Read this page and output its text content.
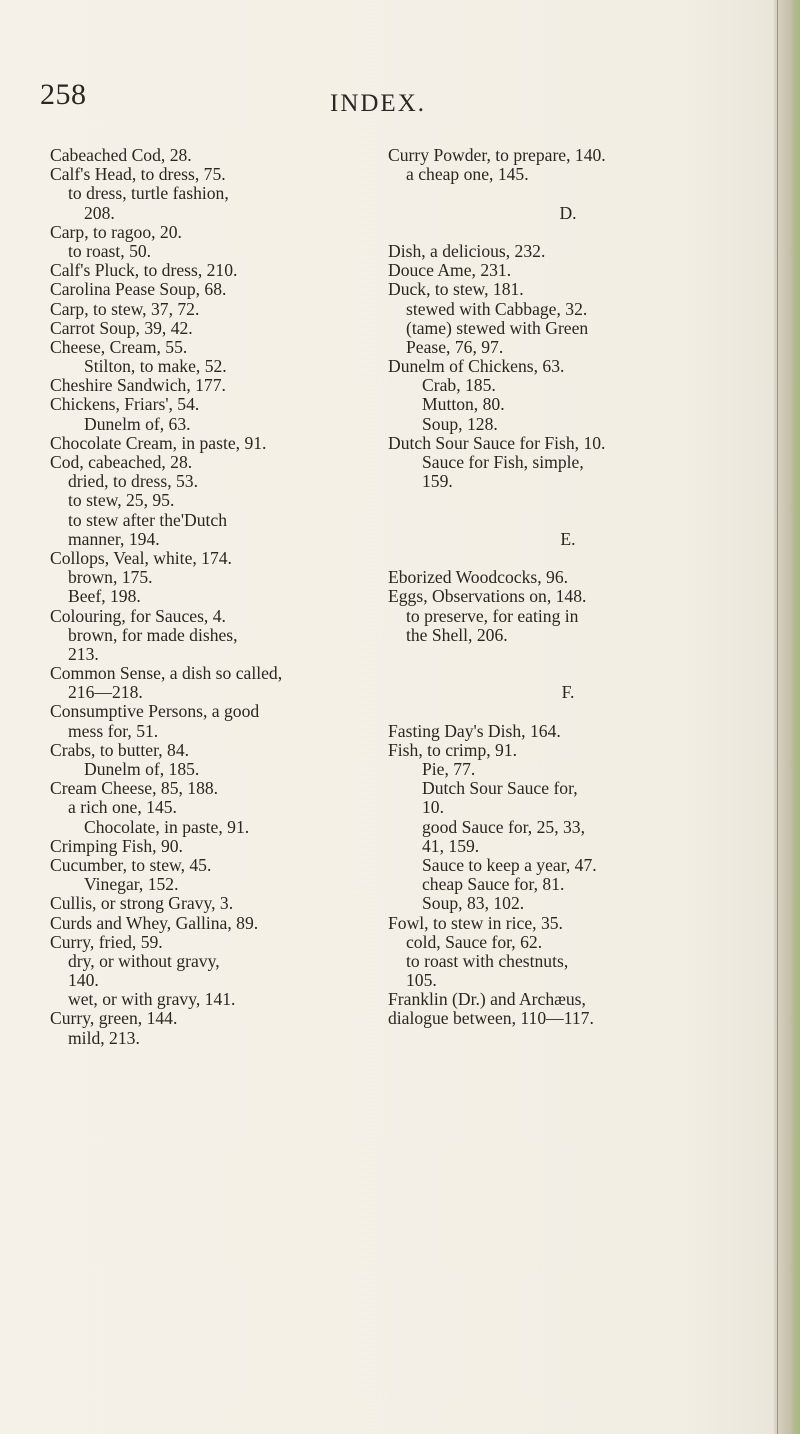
258	INDEX.
Cabeached Cod, 28.
Calf's Head, to dress, 75.
to dress, turtle fashion,
208.
Carp, to ragoo, 20.
to roast, 50.
Calf's Pluck, to dress, 210.
Carolina Pease Soup, 68.
Carp, to stew, 37, 72.
Carrot Soup, 39, 42.
Cheese, Cream, 55.
Stilton, to make, 52.
Cheshire Sandwich, 177.
Chickens, Friars', 54.
Dunelm of, 63.
Chocolate Cream, in paste, 91.
Cod, cabeached, 28.
dried, to dress, 53.
to stew, 25, 95.
to stew after the'Dutch
manner, 194.
Collops, Veal, white, 174.
brown, 175.
Beef, 198.
Colouring, for Sauces, 4.
brown, for made dishes,
213.
Common Sense, a dish so called,
216—218.
Consumptive Persons, a good
mess for, 51.
Crabs, to butter, 84.
Dunelm of, 185.
Cream Cheese, 85, 188.
a rich one, 145.
Chocolate, in paste, 91.
Crimping Fish, 90.
Cucumber, to stew, 45.
Vinegar, 152.
Cullis, or strong Gravy, 3.
Curds and Whey, Gallina, 89.
Curry, fried, 59.
dry, or without gravy,
140.
wet, or with gravy, 141.
Curry, green, 144.
mild, 213.
Curry Powder, to prepare, 140.
a cheap one, 145.
D.
Dish, a delicious, 232.
Douce Ame, 231.
Duck, to stew, 181.
stewed with Cabbage, 32.
(tame) stewed with Green
Pease, 76, 97.
Dunelm of Chickens, 63.
Crab, 185.
Mutton, 80.
Soup, 128.
Dutch Sour Sauce for Fish, 10.
Sauce for Fish, simple,
159.
E.
Eborized Woodcocks, 96.
Eggs, Observations on, 148.
to preserve, for eating in
the Shell, 206.
F.
Fasting Day's Dish, 164.
Fish, to crimp, 91.
Pie, 77.
Dutch Sour Sauce for,
10.
good Sauce for, 25, 33,
41, 159.
Sauce to keep a year, 47.
cheap Sauce for, 81.
Soup, 83, 102.
Fowl, to stew in rice, 35.
cold, Sauce for, 62.
to roast with chestnuts,
105.
Franklin (Dr.) and Archæus,
dialogue between, 110—117.
